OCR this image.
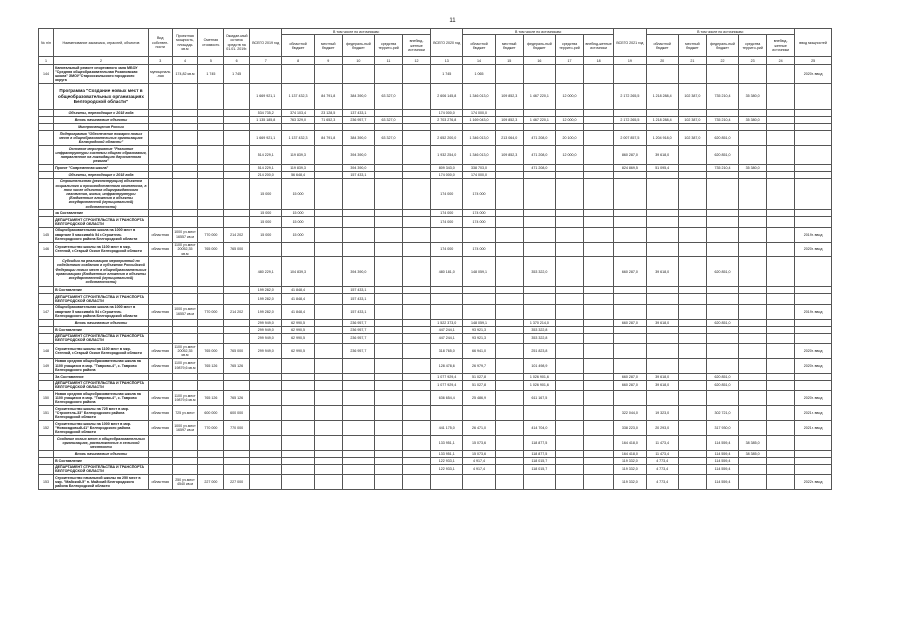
11
№ п/п	Наименование заказчика, отраслей, объектов	Вид собствен-ности	Проектная мощность, площадь кв.м	Сметная стоимость	Ожидае-мый остаток средств на 01.01. 2019г.	ВСЕГО 2019 год	В том числе по источникам:					ВСЕГО 2020 год	В том числе по источникам:					ВСЕГО 2021 год	В том числе по источникам:					ввод мощностей
							областной бюджет	местный бюджет	федераль-ный бюджет	средства террито-рий	внебюд-жетные источники		областной бюджет	местный бюджет	федераль-ный бюджет	средства террито-рий	внебюд-жетные источники		областной бюджет	местный бюджет	федераль-ный бюджет	средства террито-рий	внебюд-жетные источники	
1	2	3	4	5	6	7	8	9	10	11	12	13	14	15	16	17	18	19	20	21	22	23	24	25
144	Капитальный ремонт спортивного зала МБОУ "Средняя общеобразовательная Розановская школа" ЗМОУ"Старооскольского городского округа	муниципаль-ная	174,82 кв.м	1 745	1 745							1 745	1 065											2020г. ввод
	Программа "Создание новых мест в общеобразовательных организациях Белгородской области"					1 669 921,1	1 137 432,3	84 791,8	384 390,0	63 327,0		2 606 145,8	1 346 013,0	109 852,3	1 467 220,1	12 000,0		2 172 265,5	1 218 288,4	102 387,0	735 210,4	35 380,0		
	Объекты, переходящие с 2018 года					534 735,2	374 103,4	23 128,5	137 433,1			174 000,0	174 000,0											
	Вновь начинаемые объекты					1 135 185,8	763 329,0	71 652,3	236 957,7	63 327,0		2 703 276,8	1 169 043,0	109 852,3	1 467 220,1	12 000,0		2 172 265,5	1 218 288,4	102 387,0	735 210,4	35 380,0		
	Минпросвещения России																							
	Подпрограмма "Обеспечение пожарно новых мест в общеобразовательных организациях Белгородской области"					1 669 921,1	1 137 432,3	84 791,8	384 390,0	63 327,0		2 652 200,0	1 346 013,0	213 064,0	471 208,0	20 100,0		2 007 857,5	1 204 918,0	102 387,0	620 851,0			
	Основное мероприятие "Развитие инфраструктуры системы общего образования, направленное на ликвидацию двухсменного режима"					514 229,1	119 839,3		394 390,0			1 932 254,0	1 346 013,0	109 852,3	471 208,0	12 000,0		860 287,0	39 618,0		620 851,0			
	Проект "Современная школа"					514 229,1	119 839,3		394 390,0			809 343,0	338 703,0		471 208,0			824 869,5	51 095,4		735 210,4	35 380,0		
	Объекты, переходящие с 2018 года					214 200,0	56 648,4		157 433,1			174 000,0	174 000,0											
	Строительство (реконструкция) объектов социального и производственного комплексов, в том числе объектов общегражданского назначения, жилья, инфраструктуры (Бюджетные вложения в объекты государственной (муниципальной) собственности)					15 000	15 000					174 000	174 000											
	за Составление					15 000	15 000					174 000	174 000											
	ДЕПАРТАМЕНТ СТРОИТЕЛЬСТВА И ТРАНСПОРТА БЕЛГОРОДСКОЙ ОБЛАСТИ					15 000	15 000					174 000	174 000											
145	Общеобразовательная школа на 1000 мест в квартале 5 массива№ 54 г.Строитель Белгородского района Белгородской области	областная	1000 уч.мест 16557 кв.м	770 000	214 202	15 000	15 000																	2019г. ввод
146	Строительство школы на 1100 мест в мкр. Степной, г.Старый Оскол Белгородской области	областная	1100 уч.мест 20052,35 кв.м	765 000	765 000							174 000	174 000											2020г. ввод
	Субсидии на реализацию мероприятий по содействию созданию в субъектах Российской Федерации новых мест в общеобразовательных организациях (Бюджетные вложения в объекты государственной (муниципальной) собственности)					480 229,1	104 839,3		394 390,0			480 181,0	148 059,1		353 322,0			660 287,0	39 618,0		620 851,0			
	В Составление					199 282,0	41 848,4		157 433,1															
	ДЕПАРТАМЕНТ СТРОИТЕЛЬСТВА И ТРАНСПОРТА БЕЛГОРОДСКОЙ ОБЛАСТИ					199 282,0	41 848,4		157 433,1															
147	Общеобразовательная школа на 1000 мест в квартале 5 массива№ 54 г.Строитель Белгородского района Белгородской области	областная	1000 уч.мест 16557 кв.м	770 000	214 202	199 282,0	41 848,4		157 433,1															2019г. ввод
	Вновь начинаемые объекты					299 949,0	62 990,5		236 957,7			1 522 373,0	148 059,1		1 370 214,0			660 287,0	39 618,0		620 851,0			
	В Составление					299 949,0	62 990,5		236 957,7			447 244,1	93 921,3		353 322,8									
	ДЕПАРТАМЕНТ СТРОИТЕЛЬСТВА И ТРАНСПОРТА БЕЛГОРОДСКОЙ ОБЛАСТИ					299 949,0	62 990,5		236 957,7			447 244,1	93 921,3		353 322,8									
148	Строительство школы на 1100 мест в мкр. Степной, г.Старый Оскол Белгородской области	областная	1100 уч.мест 20052,35 кв.м	765 000	765 000	299 949,0	62 990,5		236 957,7			318 765,0	66 941,0		251 823,8									2020г. ввод
149	Новая средняя общеобразовательная школа на 1100 учащихся в мкр. "Таврово-4", с. Таврово Белгородского района	областная	1100 уч.мест 19879,6 кв.м	765 126	765 126							128 478,6	26 979,7		101 498,9									2020г. ввод
	За Составление											1 077 929,4	51 027,8		1 026 901,6			660 287,0	39 618,0		620 851,0			
	ДЕПАРТАМЕНТ СТРОИТЕЛЬСТВА И ТРАНСПОРТА БЕЛГОРОДСКОЙ ОБЛАСТИ											1 077 929,4	51 027,8		1 026 901,6			660 287,0	39 618,0		620 851,0			
150	Новая средняя общеобразовательная школа на 1100 учащихся в мкр. "Таврово-4", с. Таврово Белгородского района	областная	1100 уч.мест 19879,6 кв.м	765 126	765 126							636 654,4	25 486,9		611 167,5									2020г. ввод
151	Строительство школы на 725 мест в мкр. "Строитель-33" Белгородского района Белгородской области	областная	725 уч.мест	600 000	600 000													322 044,0	19 323,0		302 721,0			2021г. ввод
152	Строительство школы на 1000 мест в мкр. "Новосадовый-41" Белгородского района Белгородской области	областная	1000 уч.мест 16597 кв.м	770 000	770 000							441 175,0	26 471,0		414 704,0			338 223,0	20 293,0		317 930,0			2021г. ввод
	Создание новых мест в общеобразовательных организациях, расположенных в сельской местности											133 951,1	15 073,6		118 877,5			164 418,0	11 473,4		114 559,4	38 385,0		
	Вновь начинаемые объекты											133 951,1	15 073,6		118 877,5			164 418,0	11 473,4		114 559,4	38 385,0		
	В Составление											122 933,1	4 917,4		118 015,7			119 332,0	4 773,4		114 559,4			
	ДЕПАРТАМЕНТ СТРОИТЕЛЬСТВА И ТРАНСПОРТА БЕЛГОРОДСКОЙ ОБЛАСТИ											122 933,1	4 917,4		118 015,7			119 332,0	4 773,4		114 559,4			
153	Строительство начальной школы на 250 мест в мкр. "Майский-5" п. Майский Белгородского района Белгородской области	областная	250 уч.мест 4540 кв.м	227 000	227 000													119 332,0	4 773,4		114 559,4			2022г. ввод
